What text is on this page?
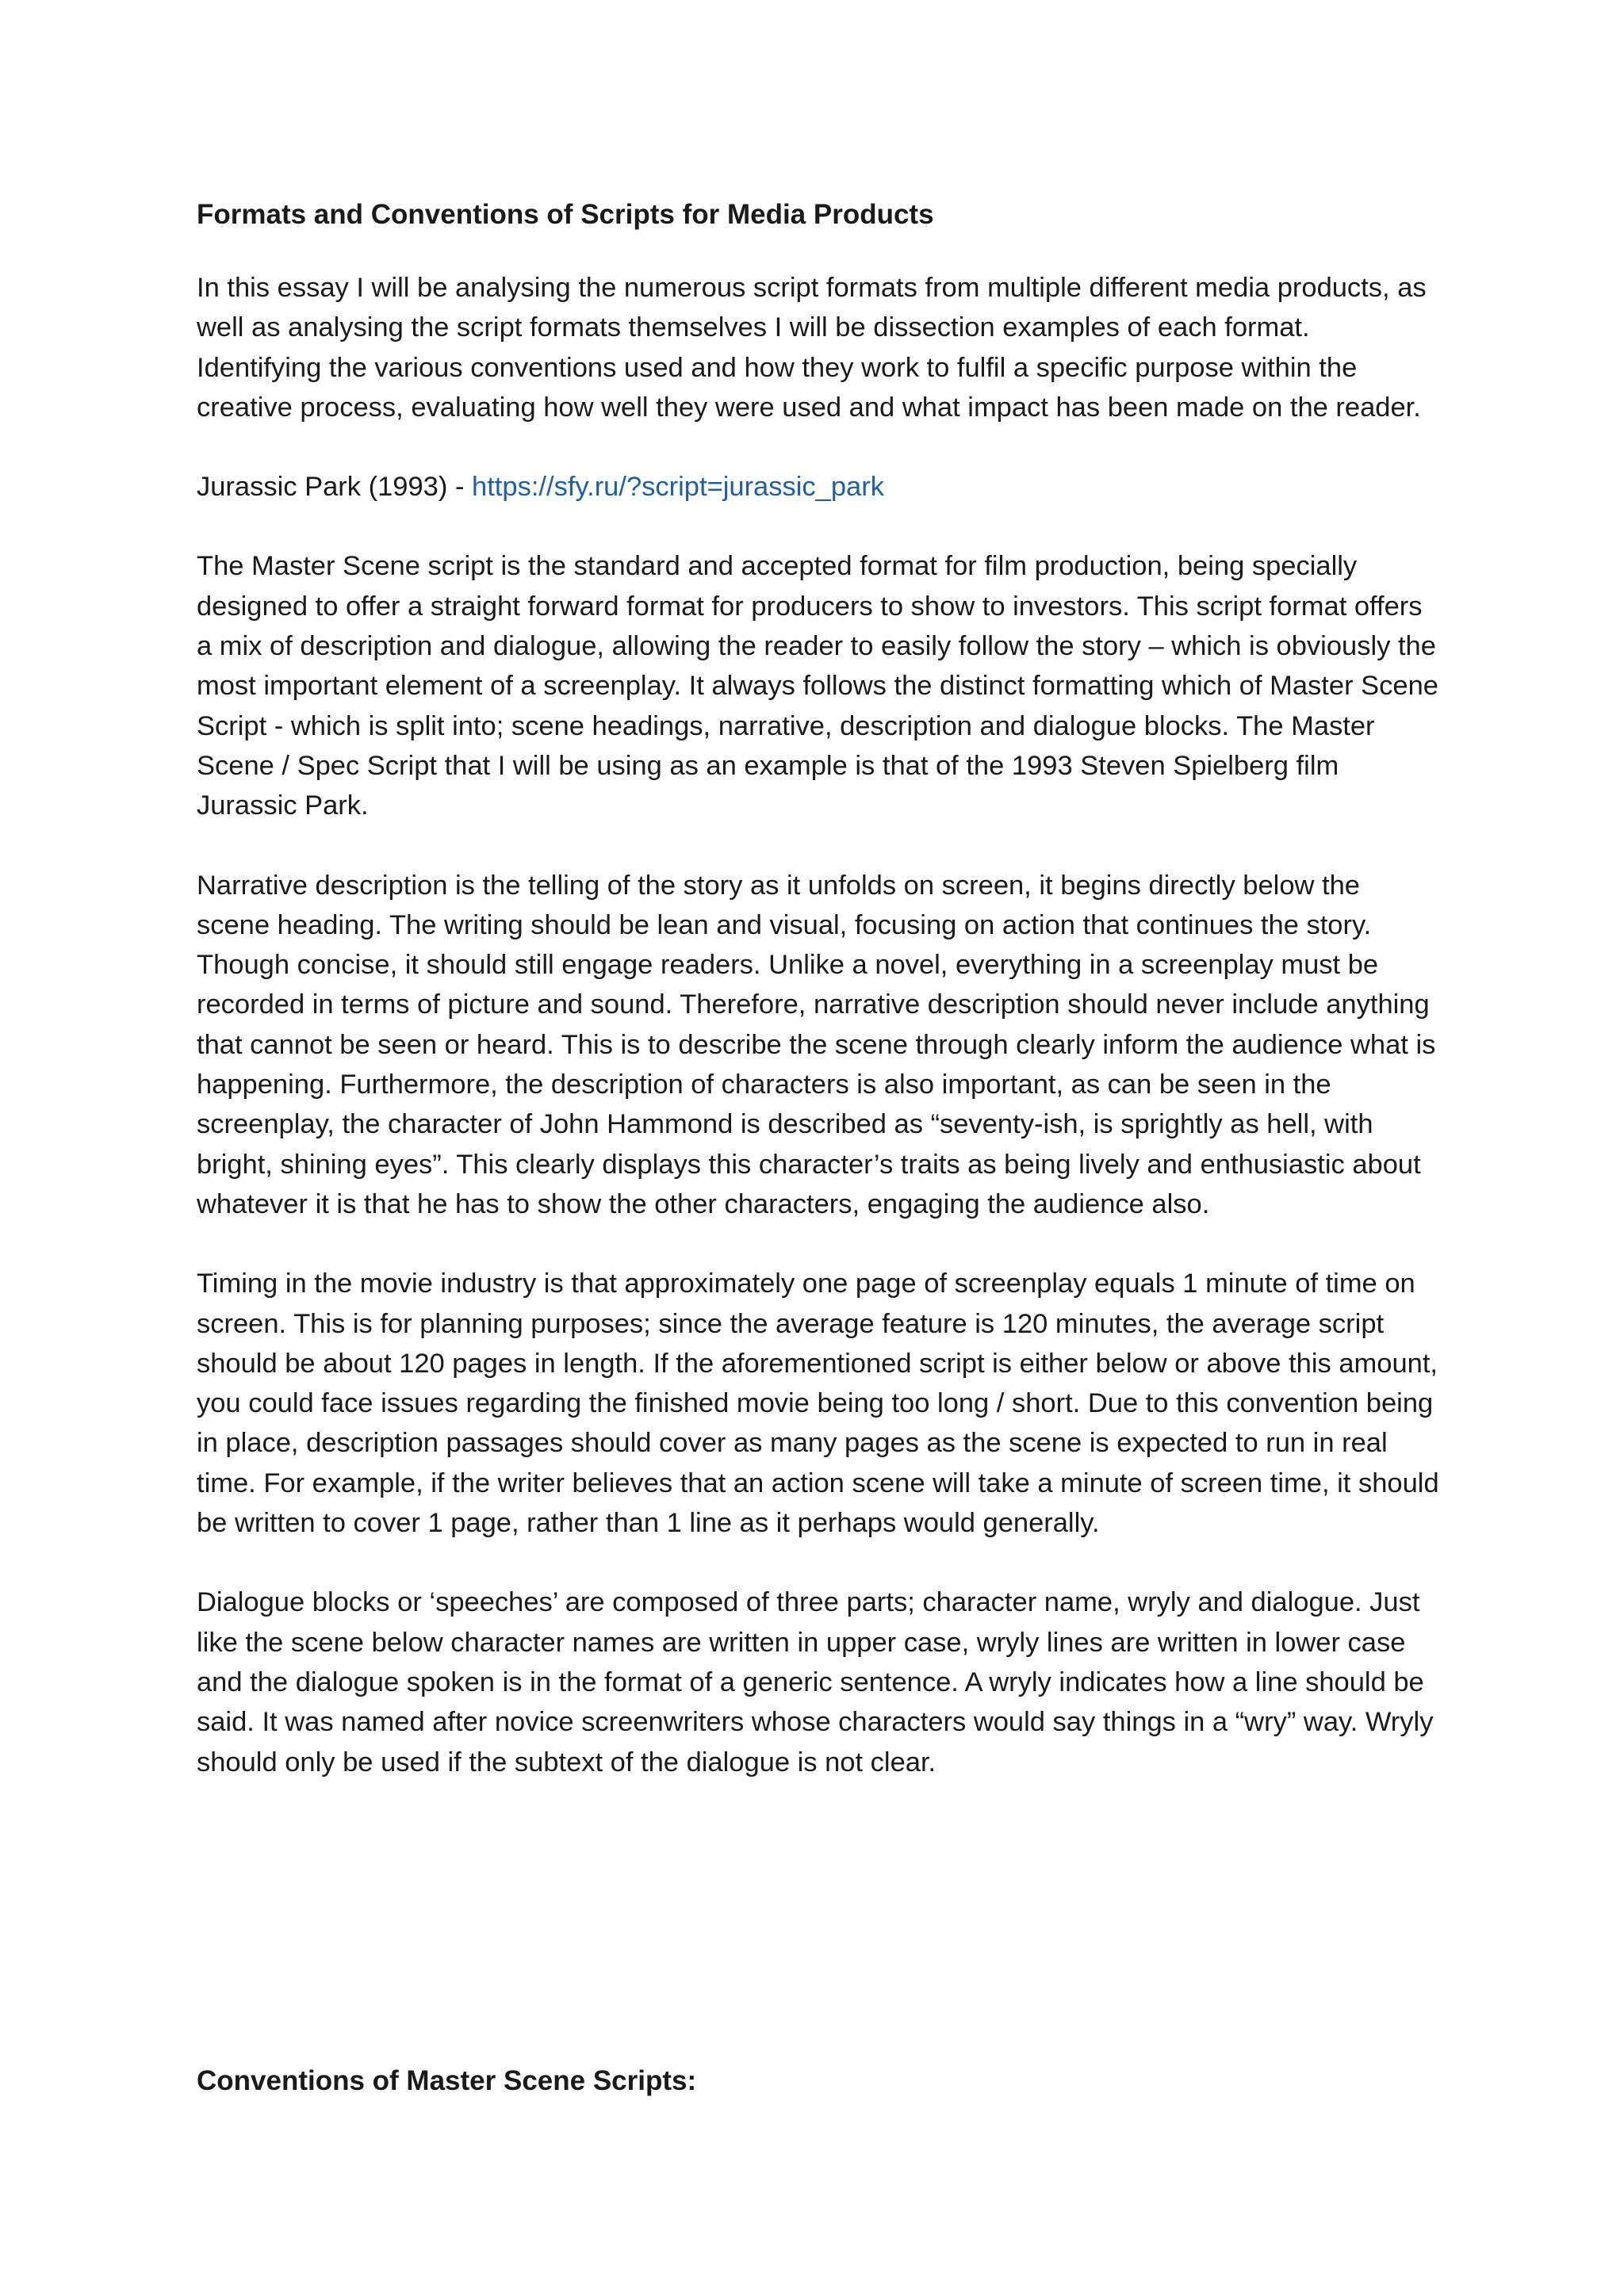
Formats and Conventions of Scripts for Media Products
In this essay I will be analysing the numerous script formats from multiple different media products, as well as analysing the script formats themselves I will be dissection examples of each format. Identifying the various conventions used and how they work to fulfil a specific purpose within the creative process, evaluating how well they were used and what impact has been made on the reader.
Jurassic Park (1993) - https://sfy.ru/?script=jurassic_park
The Master Scene script is the standard and accepted format for film production, being specially designed to offer a straight forward format for producers to show to investors. This script format offers a mix of description and dialogue, allowing the reader to easily follow the story – which is obviously the most important element of a screenplay. It always follows the distinct formatting which of Master Scene Script - which is split into; scene headings, narrative, description and dialogue blocks. The Master Scene / Spec Script that I will be using as an example is that of the 1993 Steven Spielberg film Jurassic Park.
Narrative description is the telling of the story as it unfolds on screen, it begins directly below the scene heading. The writing should be lean and visual, focusing on action that continues the story. Though concise, it should still engage readers. Unlike a novel, everything in a screenplay must be recorded in terms of picture and sound. Therefore, narrative description should never include anything that cannot be seen or heard. This is to describe the scene through clearly inform the audience what is happening. Furthermore, the description of characters is also important, as can be seen in the screenplay, the character of John Hammond is described as “seventy-ish, is sprightly as hell, with bright, shining eyes”. This clearly displays this character’s traits as being lively and enthusiastic about whatever it is that he has to show the other characters, engaging the audience also.
Timing in the movie industry is that approximately one page of screenplay equals 1 minute of time on screen. This is for planning purposes; since the average feature is 120 minutes, the average script should be about 120 pages in length. If the aforementioned script is either below or above this amount, you could face issues regarding the finished movie being too long / short. Due to this convention being in place, description passages should cover as many pages as the scene is expected to run in real time. For example, if the writer believes that an action scene will take a minute of screen time, it should be written to cover 1 page, rather than 1 line as it perhaps would generally.
Dialogue blocks or ‘speeches’ are composed of three parts; character name, wryly and dialogue. Just like the scene below character names are written in upper case, wryly lines are written in lower case and the dialogue spoken is in the format of a generic sentence. A wryly indicates how a line should be said. It was named after novice screenwriters whose characters would say things in a “wry” way. Wryly should only be used if the subtext of the dialogue is not clear.
Conventions of Master Scene Scripts:
